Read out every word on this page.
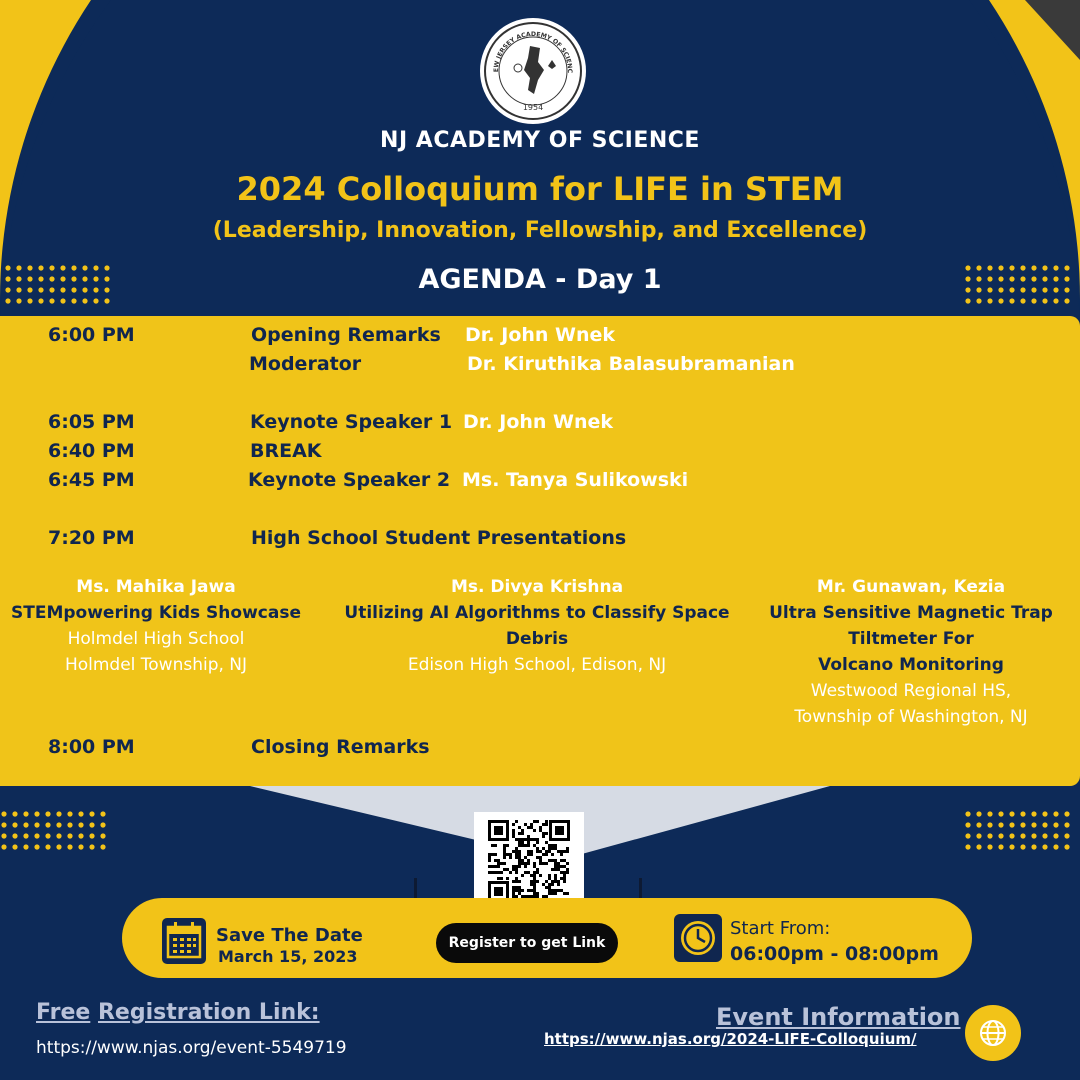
1954
EW JERSEY ACADEMY OF SCIENC
NJ ACADEMY OF SCIENCE
2024 Colloquium for LIFE in STEM
(Leadership, Innovation, Fellowship, and Excellence)
AGENDA - Day 1
6:00 PM	Opening Remarks Dr. John Wnek
Moderator	Dr. Kiruthika Balasubramanian
6:05 PM	Keynote Speaker 1 Dr. John Wnek
6:40 PM	BREAK
6:45 PM	Keynote Speaker 2 Ms. Tanya Sulikowski
7:20 PM	High School Student Presentations
Ms. Mahika Jawa
STEMpowering Kids Showcase
Holmdel High School
Holmdel Township, NJ
Ms. Divya Krishna
Utilizing AI Algorithms to Classify Space Debris
Edison High School, Edison, NJ
Mr. Gunawan, Kezia
Ultra Sensitive Magnetic Trap
Tiltmeter For
Volcano Monitoring
Westwood Regional HS,
Township of Washington, NJ
8:00 PM	Closing Remarks
Save The Date
March 15, 2023
Register to get Link
Start From:
06:00pm - 08:00pm
Free Registration Link:
https://www.njas.org/event-5549719
Event Information
https://www.njas.org/2024-LIFE-Colloquium/
